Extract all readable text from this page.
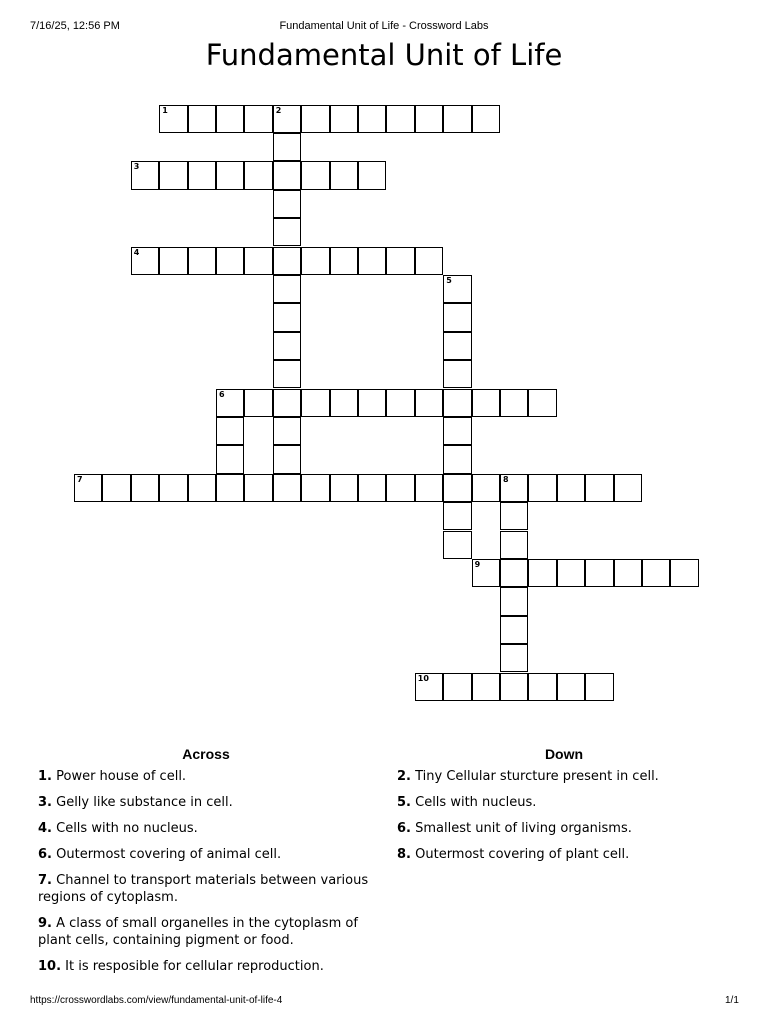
7/16/25, 12:56 PM	Fundamental Unit of Life - Crossword Labs
Fundamental Unit of Life
1	2
3
4
5
6
7	8
9
10
Across	Down
1. Power house of cell.
3. Gelly like substance in cell.
4. Cells with no nucleus.
6. Outermost covering of animal cell.
7. Channel to transport materials between various regions of cytoplasm.
9. A class of small organelles in the cytoplasm of plant cells, containing pigment or food.
10. It is resposible for cellular reproduction.
2. Tiny Cellular sturcture present in cell.
5. Cells with nucleus.
6. Smallest unit of living organisms.
8. Outermost covering of plant cell.
https://crosswordlabs.com/view/fundamental-unit-of-life-4	1/1
